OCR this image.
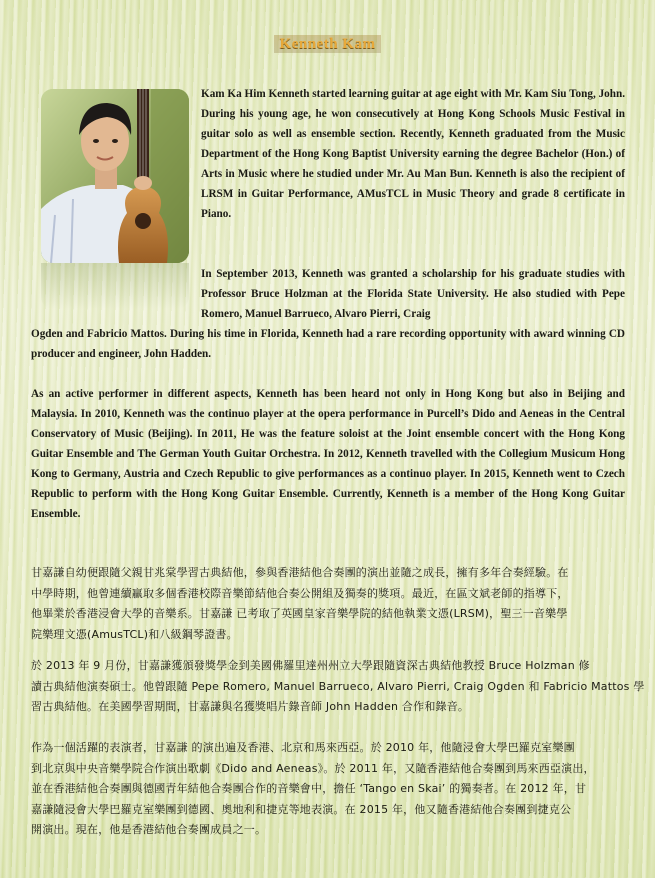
Kenneth Kam

Kam Ka Him Kenneth started learning guitar at age eight with Mr. Kam Siu Tong, John. During his young age, he won consecutively at Hong Kong Schools Music Festival in guitar solo as well as ensemble section. Recently, Kenneth graduated from the Music Department of the Hong Kong Baptist University earning the degree Bachelor (Hon.) of Arts in Music where he studied under Mr. Au Man Bun. Kenneth is also the recipient of LRSM in Guitar Performance, AMusTCL in Music Theory and grade 8 certificate in Piano.

In September 2013, Kenneth was granted a scholarship for his graduate studies with Professor Bruce Holzman at the Florida State University. He also studied with Pepe Romero, Manuel Barrueco, Alvaro Pierri, Craig

Ogden and Fabricio Mattos. During his time in Florida, Kenneth had a rare recording opportunity with award winning CD producer and engineer, John Hadden.

As an active performer in different aspects, Kenneth has been heard not only in Hong Kong but also in Beijing and Malaysia. In 2010, Kenneth was the continuo player at the opera performance in Purcell’s Dido and Aeneas in the Central Conservatory of Music (Beijing). In 2011, He was the feature soloist at the Joint ensemble concert with the Hong Kong Guitar Ensemble and The German Youth Guitar Orchestra. In 2012, Kenneth travelled with the Collegium Musicum Hong Kong to Germany, Austria and Czech Republic to give performances as a continuo player. In 2015, Kenneth went to Czech Republic to perform with the Hong Kong Guitar Ensemble. Currently, Kenneth is a member of the Hong Kong Guitar Ensemble.

甘嘉謙自幼便跟隨父親甘兆棠學習古典結他，參與香港結他合奏團的演出並隨之成長，擁有多年合奏經驗。在
中學時期，他曾連續贏取多個香港校際音樂節結他合奏公開組及獨奏的獎項。最近，在區文斌老師的指導下，
他畢業於香港浸會大學的音樂系。甘嘉謙 已考取了英國皇家音樂學院的結他執業文憑(LRSM)，聖三一音樂學
院樂理文憑(AmusTCL)和八級鋼琴證書。
於 2013 年 9 月份，甘嘉謙獲頒發獎學金到美國佛羅里達州州立大學跟隨資深古典結他教授 Bruce Holzman 修
讀古典結他演奏碩士。他曾跟隨 Pepe Romero, Manuel Barrueco, Alvaro Pierri, Craig Ogden 和 Fabricio Mattos 學
習古典結他。在美國學習期間，甘嘉謙與名獲獎唱片錄音師 John Hadden 合作和錄音。
作為一個活躍的表演者，甘嘉謙 的演出遍及香港、北京和馬來西亞。於 2010 年，他隨浸會大學巴羅克室樂團
到北京與中央音樂學院合作演出歌劇《Dido and Aeneas》。於 2011 年，又隨香港結他合奏團到馬來西亞演出，
並在香港結他合奏團與德國青年結他合奏團合作的音樂會中，擔任 ‘Tango en Skai’ 的獨奏者。在 2012 年，甘
嘉謙隨浸會大學巴羅克室樂團到德國、奧地利和捷克等地表演。在 2015 年，他又隨香港結他合奏團到捷克公
開演出。現在，他是香港結他合奏團成員之一。
